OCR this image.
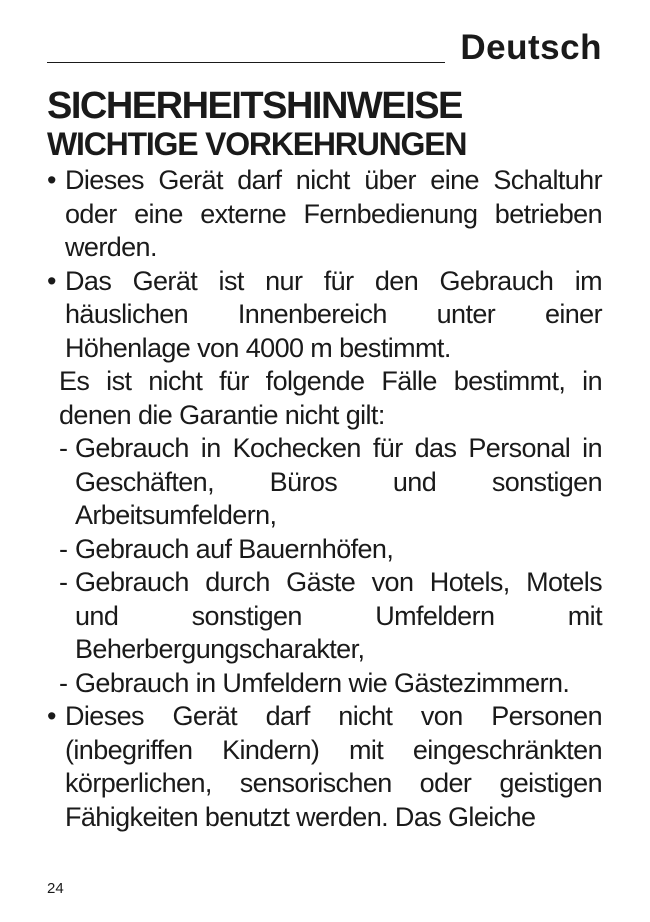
Deutsch
SICHERHEITSHINWEISE
WICHTIGE VORKEHRUNGEN
• Dieses Gerät darf nicht über eine Schaltuhr oder eine externe Fernbedienung betrieben werden.
• Das Gerät ist nur für den Gebrauch im häuslichen Innenbereich unter einer Höhenlage von 4000 m bestimmt.
Es ist nicht für folgende Fälle bestimmt, in denen die Garantie nicht gilt:
- Gebrauch in Kochecken für das Personal in Geschäften, Büros und sonstigen Arbeitsumfeldern,
- Gebrauch auf Bauernhöfen,
- Gebrauch durch Gäste von Hotels, Motels und sonstigen Umfeldern mit Beherbergungscharakter,
- Gebrauch in Umfeldern wie Gästezimmern.
• Dieses Gerät darf nicht von Personen (inbegriffen Kindern) mit eingeschränkten körperlichen, sensorischen oder geistigen Fähigkeiten benutzt werden. Das Gleiche
24
